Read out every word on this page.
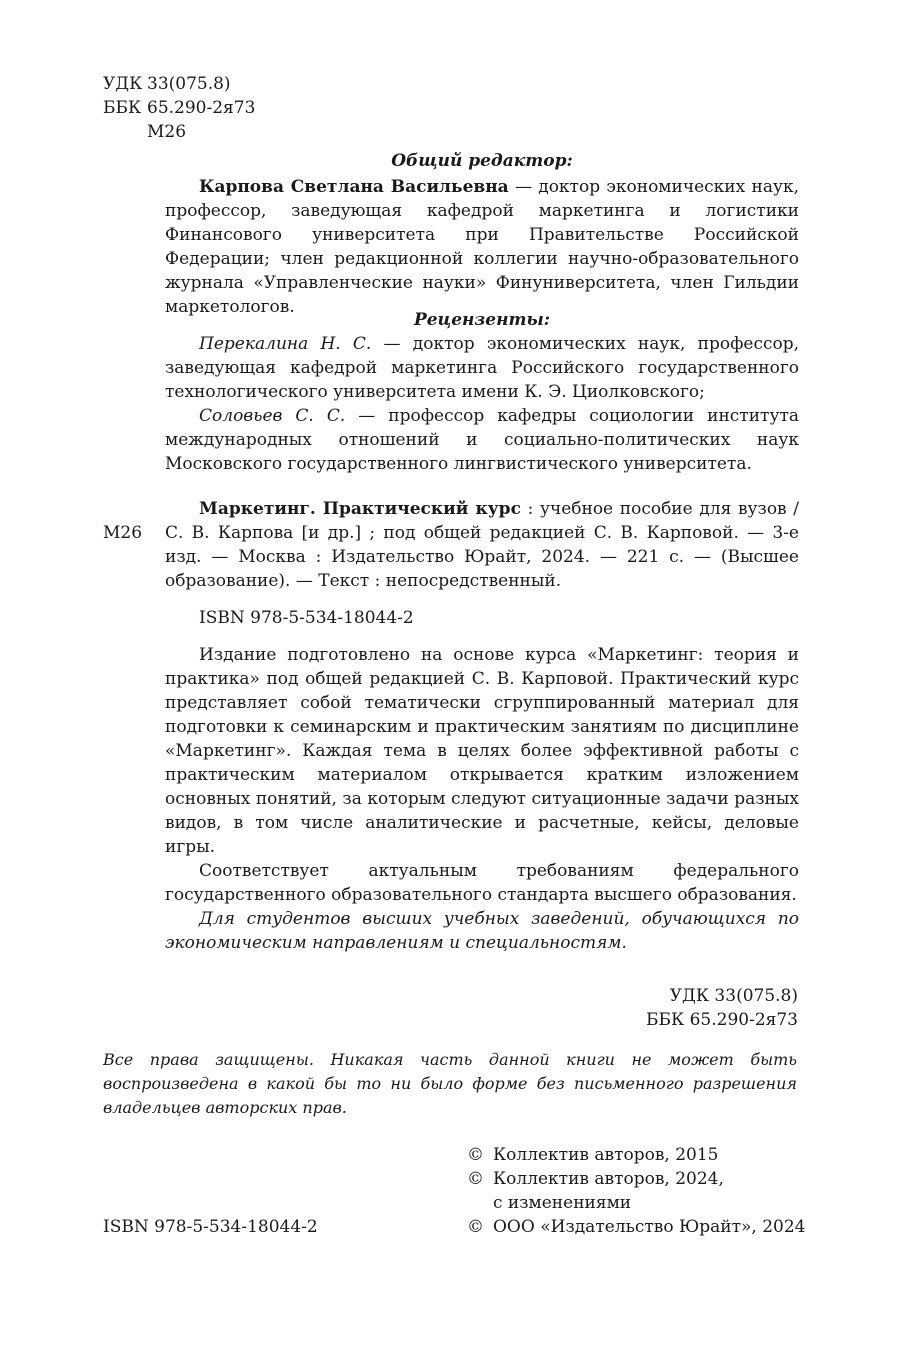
УДК 33(075.8)
ББК 65.290-2я73
М26
Общий редактор:

Карпова Светлана Васильевна — доктор экономических наук, профессор, заведующая кафедрой маркетинга и логистики Финансового университета при Правительстве Российской Федерации; член редакционной коллегии научно-образовательного журнала «Управленческие науки» Финуниверситета, член Гильдии маркетологов.

Рецензенты:

Перекалина Н. С. — доктор экономических наук, профессор, заведующая кафедрой маркетинга Российского государственного технологического университета имени К. Э. Циолковского;

Соловьев С. С. — профессор кафедры социологии института международных отношений и социально-политических наук Московского государственного лингвистического университета.

М26

Маркетинг. Практический курс : учебное пособие для вузов / С. В. Карпова [и др.] ; под общей редакцией С. В. Карповой. — 3-е изд. — Москва : Издательство Юрайт, 2024. — 221 с. — (Высшее образование). — Текст : непосредственный.

ISBN 978-5-534-18044-2

Издание подготовлено на основе курса «Маркетинг: теория и практика» под общей редакцией С. В. Карповой. Практический курс представляет собой тематически сгруппированный материал для подготовки к семинарским и практическим занятиям по дисциплине «Маркетинг». Каждая тема в целях более эффективной работы с практическим материалом открывается кратким изложением основных понятий, за которым следуют ситуационные задачи разных видов, в том числе аналитические и расчетные, кейсы, деловые игры.

Соответствует актуальным требованиям федерального государственного образовательного стандарта высшего образования.

Для студентов высших учебных заведений, обучающихся по экономическим направлениям и специальностям.

УДК 33(075.8)
ББК 65.290-2я73
Все права защищены. Никакая часть данной книги не может быть воспроизведена в какой бы то ни было форме без письменного разрешения владельцев авторских прав.
© Коллектив авторов, 2015
© Коллектив авторов, 2024,
с изменениями
© ООО «Издательство Юрайт», 2024
ISBN 978-5-534-18044-2
